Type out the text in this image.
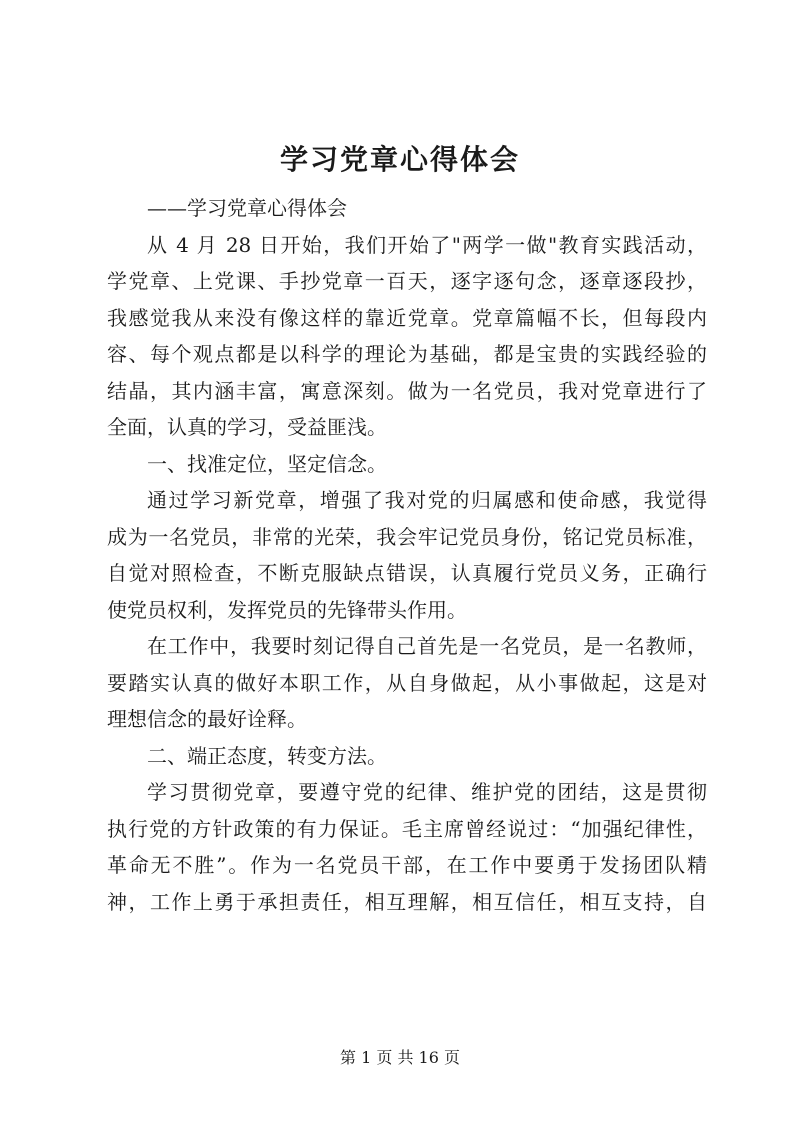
学习党章心得体会
——学习党章心得体会
从 4 月 28 日开始，我们开始了"两学一做"教育实践活动，
学党章、上党课、手抄党章一百天，逐字逐句念，逐章逐段抄，
我感觉我从来没有像这样的靠近党章。党章篇幅不长，但每段内
容、每个观点都是以科学的理论为基础，都是宝贵的实践经验的
结晶，其内涵丰富，寓意深刻。做为一名党员，我对党章进行了
全面，认真的学习，受益匪浅。
一、找准定位，坚定信念。
通过学习新党章，增强了我对党的归属感和使命感，我觉得
成为一名党员，非常的光荣，我会牢记党员身份，铭记党员标准，
自觉对照检查，不断克服缺点错误，认真履行党员义务，正确行
使党员权利，发挥党员的先锋带头作用。
在工作中，我要时刻记得自己首先是一名党员，是一名教师，
要踏实认真的做好本职工作，从自身做起，从小事做起，这是对
理想信念的最好诠释。
二、端正态度，转变方法。
学习贯彻党章，要遵守党的纪律、维护党的团结，这是贯彻
执行党的方针政策的有力保证。毛主席曾经说过：“加强纪律性，
革命无不胜”。作为一名党员干部，在工作中要勇于发扬团队精
神，工作上勇于承担责任，相互理解，相互信任，相互支持，自
第 1 页 共 16 页
